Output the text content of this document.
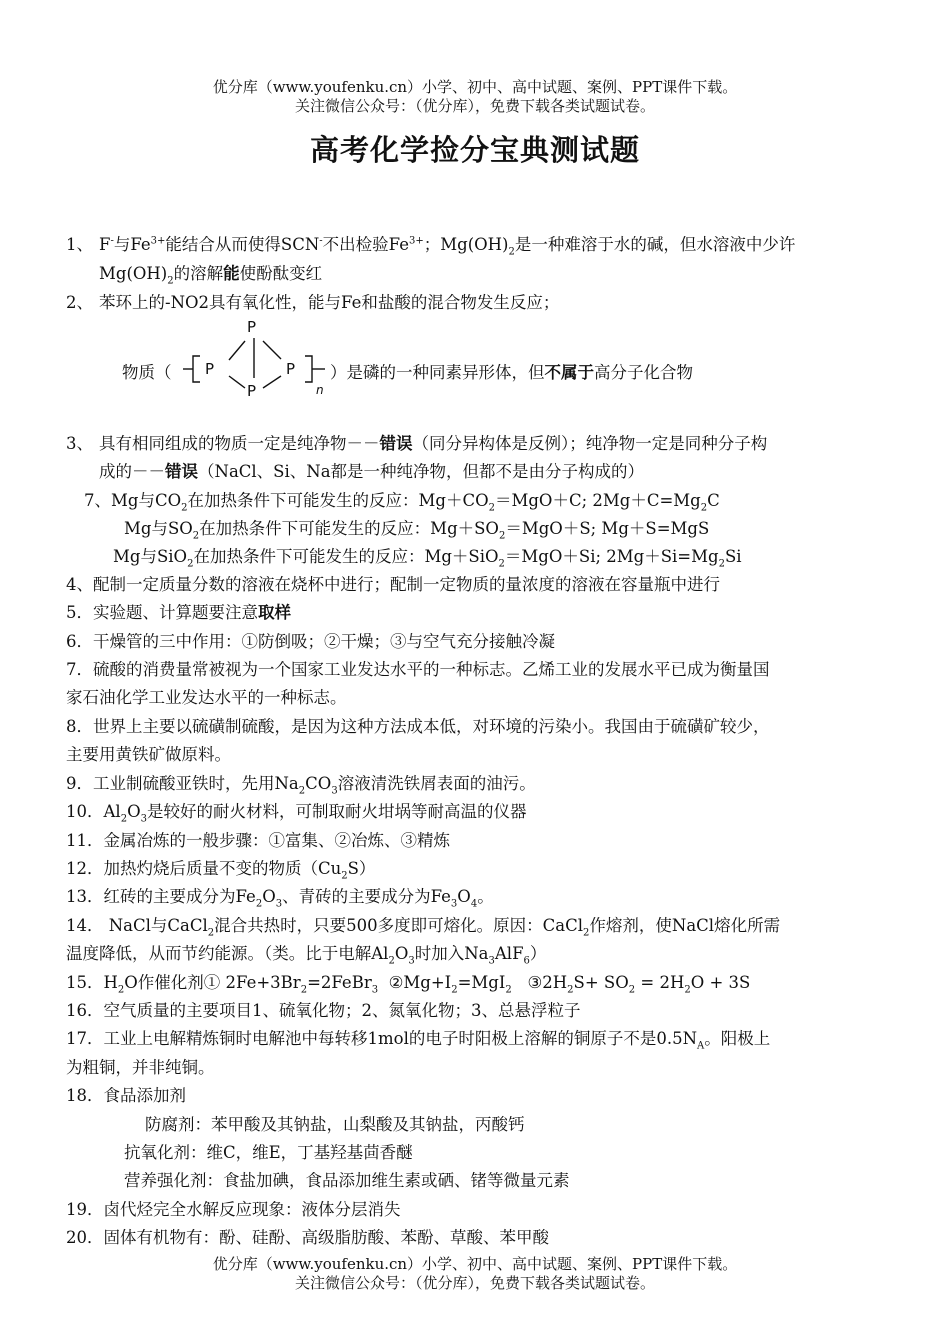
优分库（www.youfenku.cn）小学、初中、高中试题、案例、PPT课件下载。
关注微信公众号：（优分库），免费下载各类试题试卷。
高考化学捡分宝典测试题
1、 F-与$Fe^{3+}$能结合从而使得SCN-不出检验$Fe^{3+}$；$Mg(OH)_2$是一种难溶于水的碱，但水溶液中少许
$Mg(OH)_2$的溶解能使酚酞变红
2、 苯环上的-NO2具有氧化性，能与Fe和盐酸的混合物发生反应；
物质（ P
P
P
P
n
）是磷的一种同素异形体，但不属于高分子化合物
3、 具有相同组成的物质一定是纯净物－－错误（同分异构体是反例）；纯净物一定是同种分子构
成的－－错误（NaCl、Si、Na都是一种纯净物，但都不是由分子构成的）
7、Mg与$CO_2$在加热条件下可能发生的反应：$Mg+CO_2=MgO+C$; $2Mg+C=Mg_2C$
Mg与$SO_2$在加热条件下可能发生的反应：$Mg+SO_2=MgO+S$; Mg＋S=MgS
Mg与SiO$_2$在加热条件下可能发生的反应：Mg＋SiO$_2$＝MgO＋Si; $2Mg+Si=Mg_2Si$
4、配制一定质量分数的溶液在烧杯中进行；配制一定物质的量浓度的溶液在容量瓶中进行
5．实验题、计算题要注意取样
6．干燥管的三中作用：①防倒吸；②干燥；③与空气充分接触冷凝
7．硫酸的消费量常被视为一个国家工业发达水平的一种标志。乙烯工业的发展水平已成为衡量国
家石油化学工业发达水平的一种标志。
8．世界上主要以硫磺制硫酸，是因为这种方法成本低，对环境的污染小。我国由于硫磺矿较少，
主要用黄铁矿做原料。
9．工业制硫酸亚铁时，先用$Na_2CO_3$溶液清洗铁屑表面的油污。
10．$Al_2O_3$是较好的耐火材料，可制取耐火坩埚等耐高温的仪器
11．金属冶炼的一般步骤：①富集、②冶炼、③精炼
12．加热灼烧后质量不变的物质$(Cu_2S)$
13．红砖的主要成分为$Fe_2O_3$、青砖的主要成分为$Fe_3O_4$。
14． NaCl与CaCl$_2$混合共热时，只要500多度即可熔化。原因：CaCl$_2$作熔剂，使NaCl熔化所需
温度降低，从而节约能源。（类。比于电解$Al_2O_3$时加入$Na_3AlF_6$）
15．$H_2O$作催化剂① $2Fe+3Br_2=2FeBr_3$  $②Mg+I_2=MgI_2$   $③2H_2S+ SO_2 = 2H_2O + 3S$
16．空气质量的主要项目1、硫氧化物；2、氮氧化物；3、总悬浮粒子
17．工业上电解精炼铜时电解池中每转移1mol的电子时阳极上溶解的铜原子不是$0.5N_A$。阳极上
为粗铜，并非纯铜。
18．食品添加剂
防腐剂：苯甲酸及其钠盐，山梨酸及其钠盐，丙酸钙
抗氧化剂：维C，维E，丁基羟基茴香醚
营养强化剂：食盐加碘，食品添加维生素或硒、锗等微量元素
19．卤代烃完全水解反应现象：液体分层消失
20．固体有机物有：酚、硅酚、高级脂肪酸、苯酚、草酸、苯甲酸
优分库（www.youfenku.cn）小学、初中、高中试题、案例、PPT课件下载。
关注微信公众号：（优分库），免费下载各类试题试卷。
